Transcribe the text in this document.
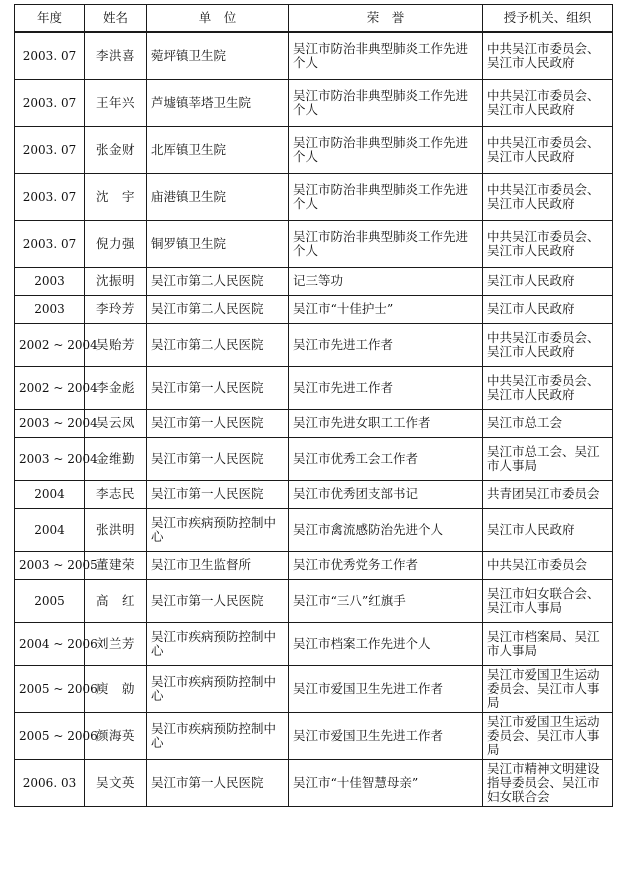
年度	姓名	单　位	荣　誉	授予机关、组织
2003. 07	李洪喜	菀坪镇卫生院	吴江市防治非典型肺炎工作先进个人	中共吴江市委员会、吴江市人民政府
2003. 07	王年兴	芦墟镇莘塔卫生院	吴江市防治非典型肺炎工作先进个人	中共吴江市委员会、吴江市人民政府
2003. 07	张金财	北厍镇卫生院	吴江市防治非典型肺炎工作先进个人	中共吴江市委员会、吴江市人民政府
2003. 07	沈　宇	庙港镇卫生院	吴江市防治非典型肺炎工作先进个人	中共吴江市委员会、吴江市人民政府
2003. 07	倪力强	铜罗镇卫生院	吴江市防治非典型肺炎工作先进个人	中共吴江市委员会、吴江市人民政府
2003	沈振明	吴江市第二人民医院	记三等功	吴江市人民政府
2003	李玲芳	吴江市第二人民医院	吴江市“十佳护士”	吴江市人民政府
2002 ~ 2004	吴贻芳	吴江市第二人民医院	吴江市先进工作者	中共吴江市委员会、吴江市人民政府
2002 ~ 2004	李金彪	吴江市第一人民医院	吴江市先进工作者	中共吴江市委员会、吴江市人民政府
2003 ~ 2004	吴云凤	吴江市第一人民医院	吴江市先进女职工工作者	吴江市总工会
2003 ~ 2004	金维勤	吴江市第一人民医院	吴江市优秀工会工作者	吴江市总工会、吴江市人事局
2004	李志民	吴江市第一人民医院	吴江市优秀团支部书记	共青团吴江市委员会
2004	张洪明	吴江市疾病预防控制中心	吴江市禽流感防治先进个人	吴江市人民政府
2003 ~ 2005	董建荣	吴江市卫生监督所	吴江市优秀党务工作者	中共吴江市委员会
2005	高　红	吴江市第一人民医院	吴江市“三八”红旗手	吴江市妇女联合会、吴江市人事局
2004 ~ 2006	刘兰芳	吴江市疾病预防控制中心	吴江市档案工作先进个人	吴江市档案局、吴江市人事局
2005 ~ 2006	庾　勍	吴江市疾病预防控制中心	吴江市爱国卫生先进工作者	吴江市爱国卫生运动委员会、吴江市人事局
2005 ~ 2006	颜海英	吴江市疾病预防控制中心	吴江市爱国卫生先进工作者	吴江市爱国卫生运动委员会、吴江市人事局
2006. 03	吴文英	吴江市第一人民医院	吴江市“十佳智慧母亲”	吴江市精神文明建设指导委员会、吴江市妇女联合会
